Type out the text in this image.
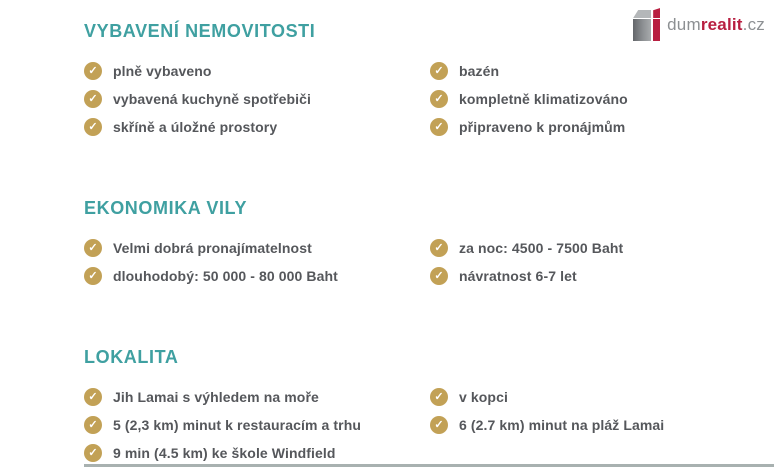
dumrealit.cz
VYBAVENÍ NEMOVITOSTI
✓	plně vybaveno
✓	vybavená kuchyně spotřebiči
✓	skříně a úložné prostory
✓	bazén
✓	kompletně klimatizováno
✓	připraveno k pronájmům
EKONOMIKA VILY
✓	Velmi dobrá pronajímatelnost
✓	dlouhodobý: 50 000 - 80 000 Baht
✓	za noc: 4500 - 7500 Baht
✓	návratnost 6-7 let
LOKALITA
✓	Jih Lamai s výhledem na moře
✓	5 (2,3 km) minut k restauracím a trhu
✓	9 min (4.5 km) ke škole Windfield
✓	v kopci
✓	6 (2.7 km) minut na pláž Lamai
